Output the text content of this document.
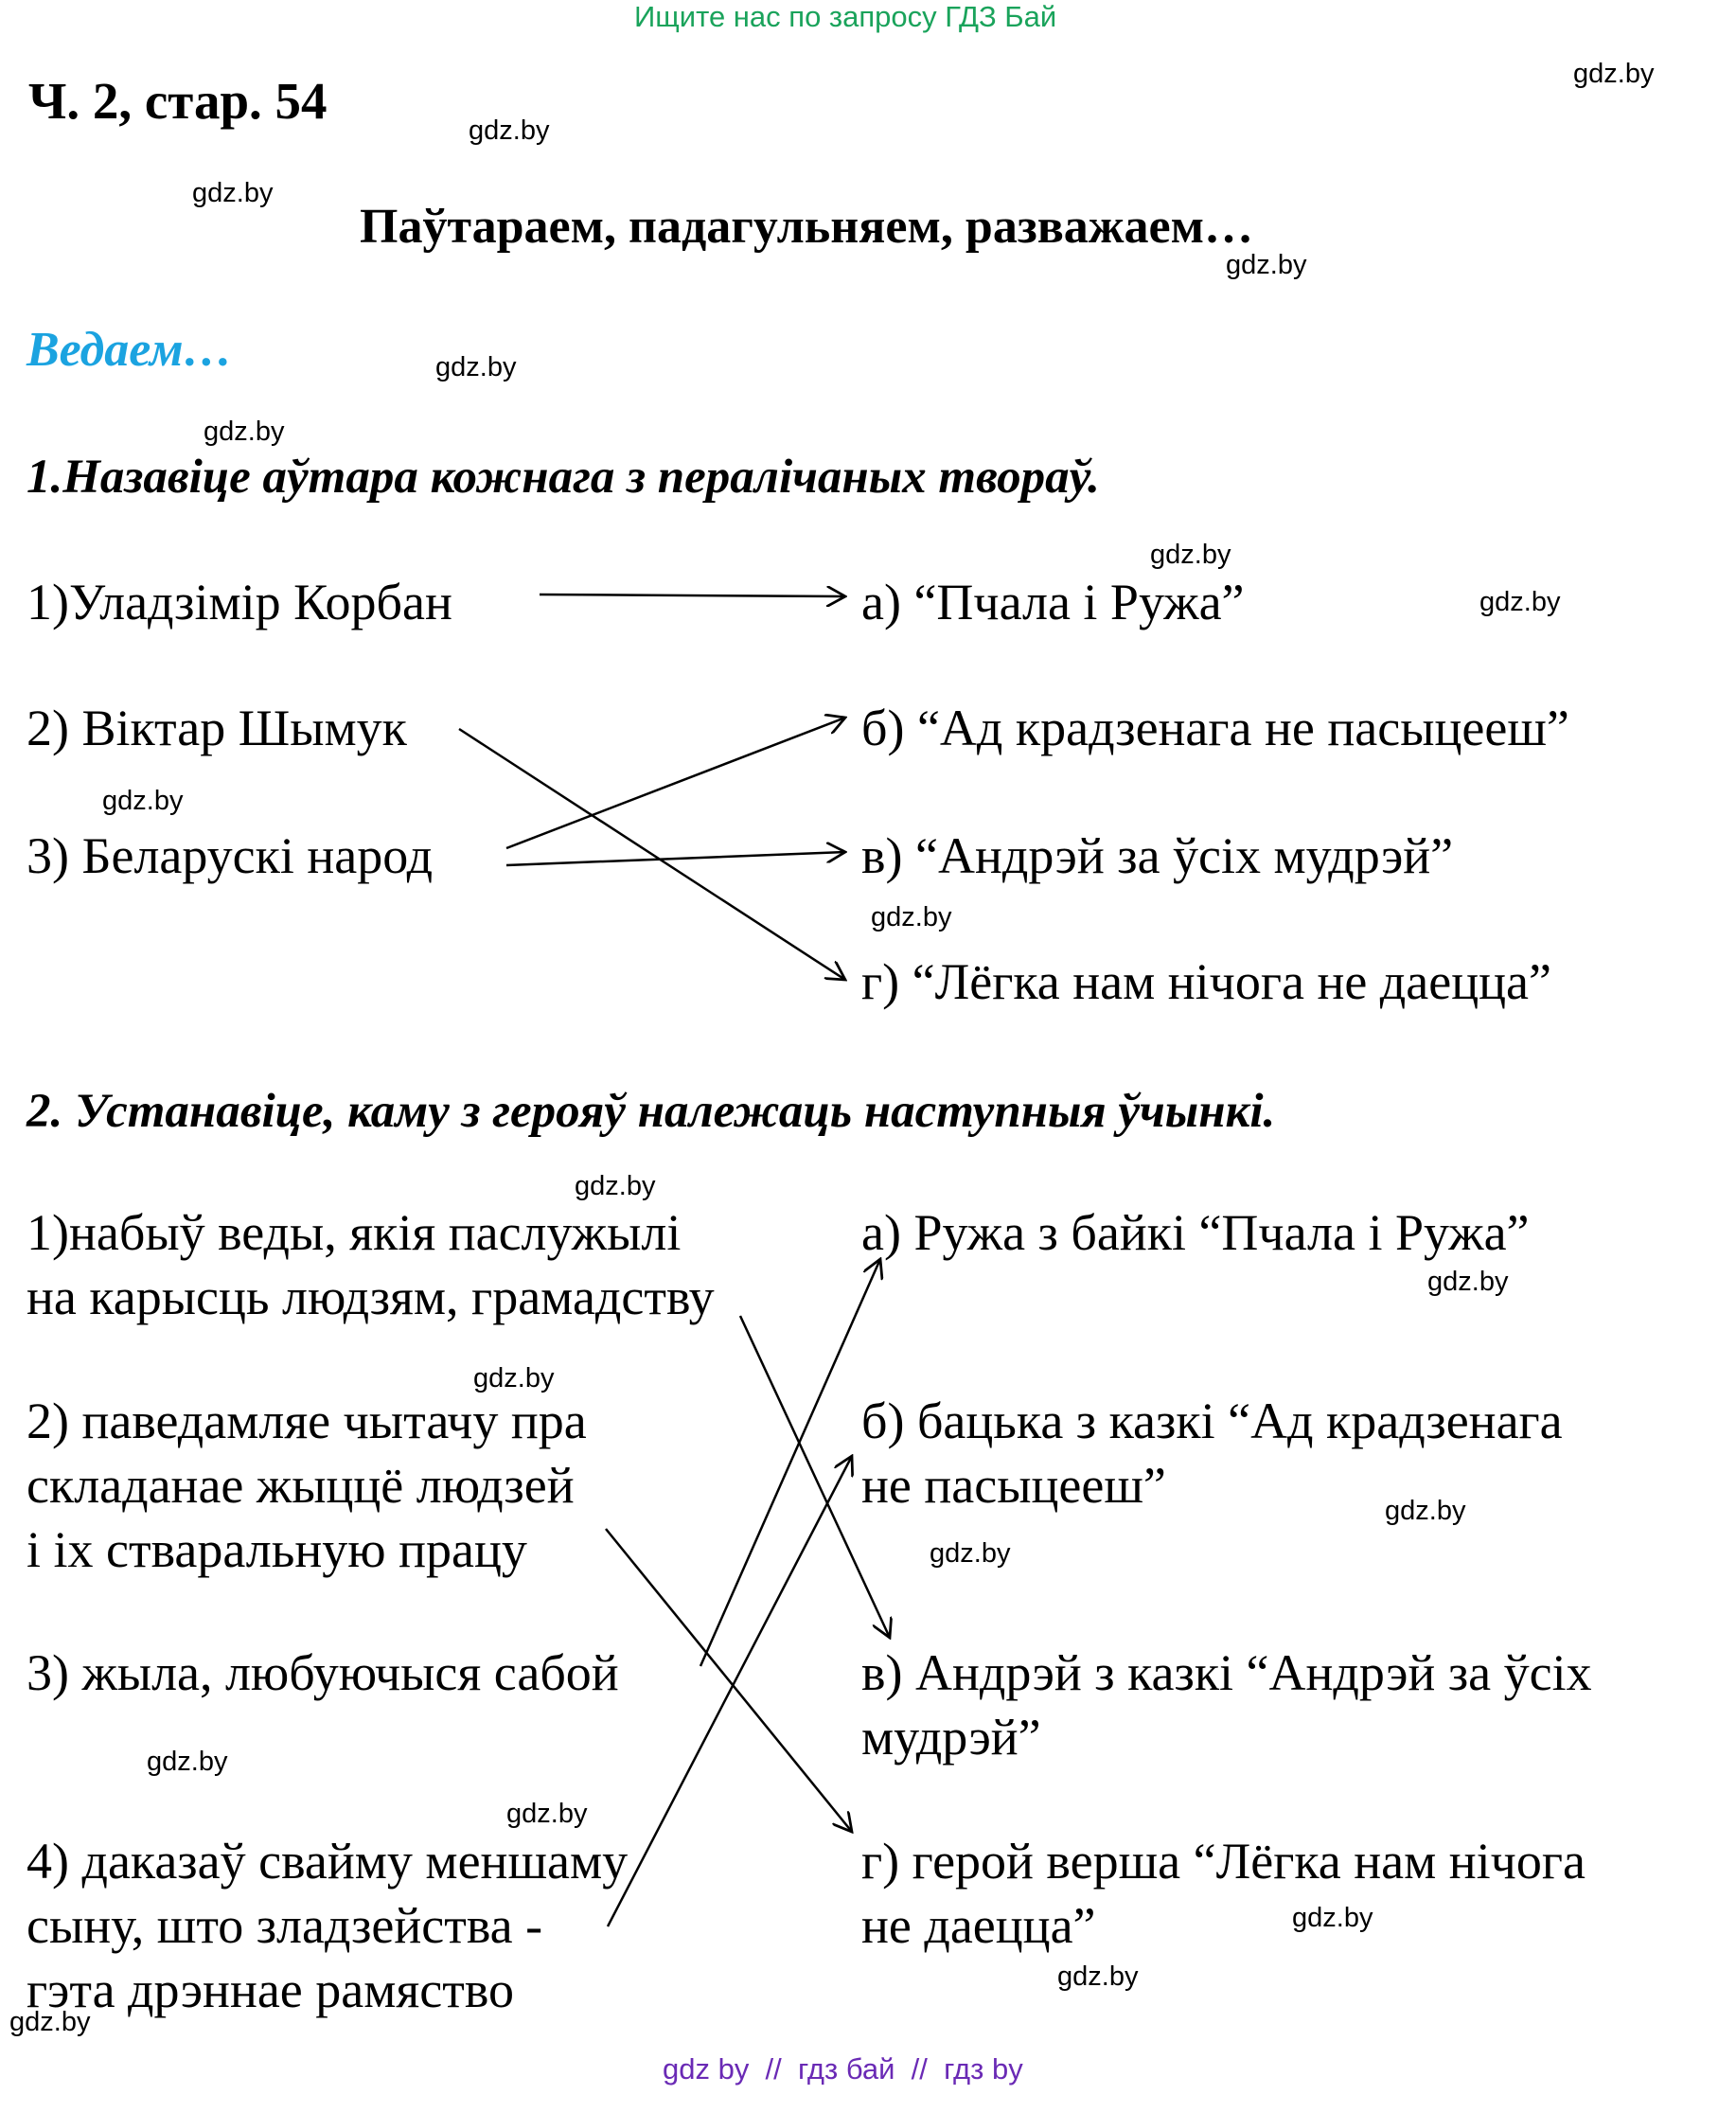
Ищите нас по запросу ГДЗ Бай
Ч. 2, стар. 54
Паўтараем, падагульняем, разважаем…
Ведаем…
1.Назавіце аўтара кожнага з пералічаных твораў.
1)Уладзімір Корбан
2) Віктар Шымук
3) Беларускі народ
а) “Пчала і Ружа”
б) “Ад крадзенага не пасыцееш”
в) “Андрэй за ўсіх мудрэй”
г) “Лёгка нам нічога не даецца”
2. Устанавіце, каму з герояў належаць наступныя ўчынкі.
1)набыў веды, якія паслужылі
на карысць людзям, грамадству
2) паведамляе чытачу пра
складанае жыццё людзей
і іх стваральную працу
3) жыла, любуючыся сабой
4) даказаў свайму меншаму
сыну, што зладзейства -
гэта дрэннае рамяство
а) Ружа з байкі “Пчала і Ружа”
б) бацька з казкі “Ад крадзенага
не пасыцееш”
в) Андрэй з казкі “Андрэй за ўсіх
мудрэй”
г) герой верша “Лёгка нам нічога
не даецца”
gdz.by
gdz.by
gdz.by
gdz.by
gdz.by
gdz.by
gdz.by
gdz.by
gdz.by
gdz.by
gdz.by
gdz.by
gdz.by
gdz.by
gdz.by
gdz.by
gdz.by
gdz.by
gdz.by
gdz.by
gdz by  //  гдз бай  //  гдз by
